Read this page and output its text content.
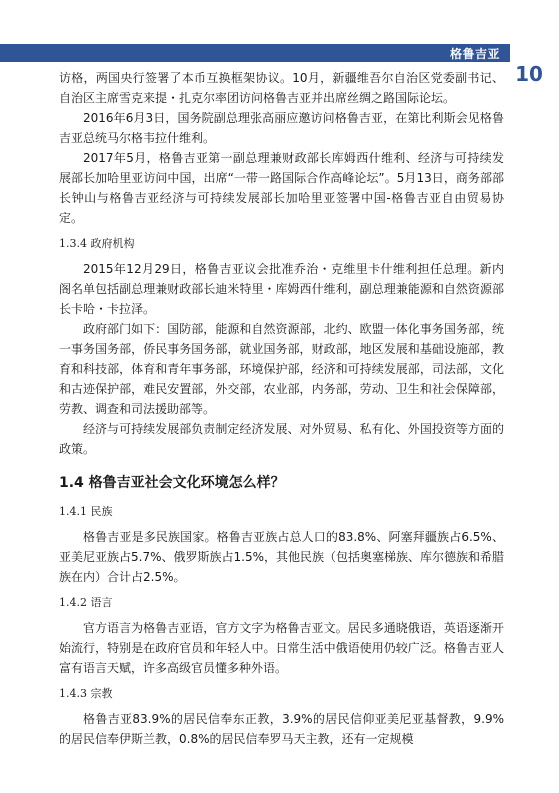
格鲁吉亚
10

访格，两国央行签署了本币互换框架协议。10月，新疆维吾尔自治区党委副书记、自治区主席雪克来提・扎克尔率团访问格鲁吉亚并出席丝绸之路国际论坛。

2016年6月3日，国务院副总理张高丽应邀访问格鲁吉亚，在第比利斯会见格鲁吉亚总统马尔格韦拉什维利。

2017年5月，格鲁吉亚第一副总理兼财政部长库姆西什维利、经济与可持续发展部长加哈里亚访问中国，出席“一带一路国际合作高峰论坛”。5月13日，商务部部长钟山与格鲁吉亚经济与可持续发展部长加哈里亚签署中国-格鲁吉亚自由贸易协定。

1.3.4 政府机构

2015年12月29日，格鲁吉亚议会批准乔治・克维里卡什维利担任总理。新内阁名单包括副总理兼财政部长迪米特里・库姆西什维利，副总理兼能源和自然资源部长卡哈・卡拉泽。

政府部门如下：国防部，能源和自然资源部，北约、欧盟一体化事务国务部，统一事务国务部，侨民事务国务部，就业国务部，财政部，地区发展和基础设施部，教育和科技部，体育和青年事务部，环境保护部，经济和可持续发展部，司法部，文化和古迹保护部，难民安置部，外交部，农业部，内务部，劳动、卫生和社会保障部，劳教、调查和司法援助部等。

经济与可持续发展部负责制定经济发展、对外贸易、私有化、外国投资等方面的政策。

1.4 格鲁吉亚社会文化环境怎么样？
1.4.1 民族

格鲁吉亚是多民族国家。格鲁吉亚族占总人口的83.8%、阿塞拜疆族占6.5%、亚美尼亚族占5.7%、俄罗斯族占1.5%，其他民族（包括奥塞梯族、库尔德族和希腊族在内）合计占2.5%。

1.4.2 语言

官方语言为格鲁吉亚语，官方文字为格鲁吉亚文。居民多通晓俄语，英语逐渐开始流行，特别是在政府官员和年轻人中。日常生活中俄语使用仍较广泛。格鲁吉亚人富有语言天赋，许多高级官员懂多种外语。

1.4.3 宗教

格鲁吉亚83.9%的居民信奉东正教，3.9%的居民信仰亚美尼亚基督教，9.9%的居民信奉伊斯兰教，0.8%的居民信奉罗马天主教，还有一定规模
